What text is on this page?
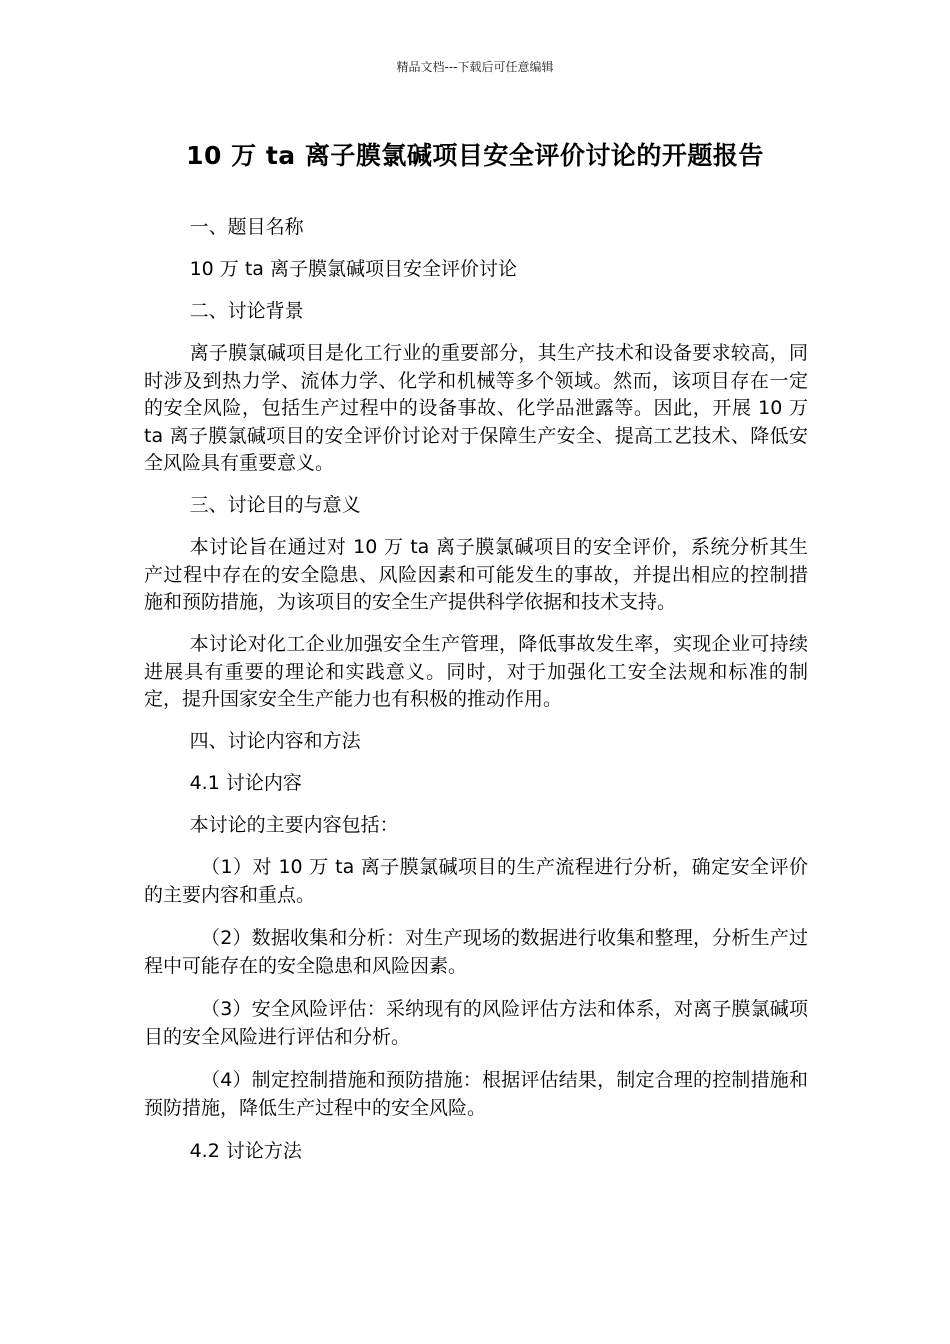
精品文档---下载后可任意编辑
10 万 ta 离子膜氯碱项目安全评价讨论的开题报告

一、题目名称

10 万 ta 离子膜氯碱项目安全评价讨论

二、讨论背景

离子膜氯碱项目是化工行业的重要部分，其生产技术和设备要求较高，同时涉及到热力学、流体力学、化学和机械等多个领域。然而，该项目存在一定的安全风险，包括生产过程中的设备事故、化学品泄露等。因此，开展 10 万 ta 离子膜氯碱项目的安全评价讨论对于保障生产安全、提高工艺技术、降低安全风险具有重要意义。

三、讨论目的与意义

本讨论旨在通过对 10 万 ta 离子膜氯碱项目的安全评价，系统分析其生产过程中存在的安全隐患、风险因素和可能发生的事故，并提出相应的控制措施和预防措施，为该项目的安全生产提供科学依据和技术支持。

本讨论对化工企业加强安全生产管理，降低事故发生率，实现企业可持续进展具有重要的理论和实践意义。同时，对于加强化工安全法规和标准的制定，提升国家安全生产能力也有积极的推动作用。

四、讨论内容和方法

4.1 讨论内容

本讨论的主要内容包括：

（1）对 10 万 ta 离子膜氯碱项目的生产流程进行分析，确定安全评价的主要内容和重点。

（2）数据收集和分析：对生产现场的数据进行收集和整理，分析生产过程中可能存在的安全隐患和风险因素。

（3）安全风险评估：采纳现有的风险评估方法和体系，对离子膜氯碱项目的安全风险进行评估和分析。

（4）制定控制措施和预防措施：根据评估结果，制定合理的控制措施和预防措施，降低生产过程中的安全风险。

4.2 讨论方法
